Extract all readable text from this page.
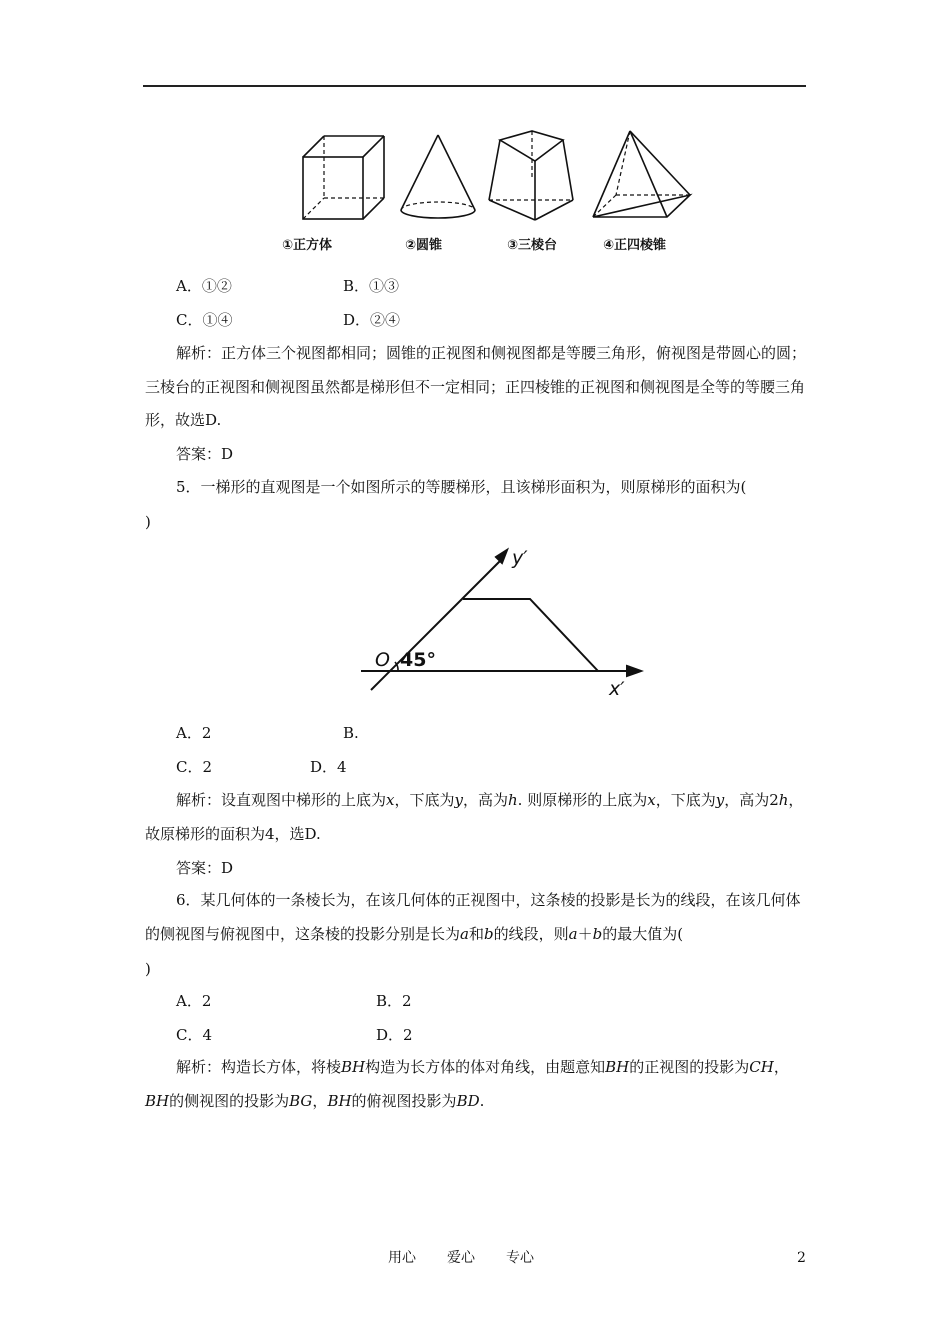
①正方体	②圆锥	③三棱台	④正四棱锥
A．①②	B．①③
C．①④	D．②④
解析：正方体三个视图都相同；圆锥的正视图和侧视图都是等腰三角形，俯视图是带圆心的圆；三棱台的正视图和侧视图虽然都是梯形但不一定相同；正四棱锥的正视图和侧视图是全等的等腰三角形，故选D.
答案：D
5．一梯形的直观图是一个如图所示的等腰梯形，且该梯形面积为，则原梯形的面积为(
)
O 45°
x′
y′
A．2	B.
C．2	D．4
解析：设直观图中梯形的上底为x，下底为y，高为h. 则原梯形的上底为x，下底为y，高为2h，故原梯形的面积为4，选D.
答案：D
6．某几何体的一条棱长为，在该几何体的正视图中，这条棱的投影是长为的线段，在该几何体的侧视图与俯视图中，这条棱的投影分别是长为a和b的线段，则a＋b的最大值为(
)
A．2	B．2
C．4	D．2
解析：构造长方体，将棱BH构造为长方体的体对角线，由题意知BH的正视图的投影为CH，BH的侧视图的投影为BG，BH的俯视图投影为BD.
用心 爱心 专心	2
